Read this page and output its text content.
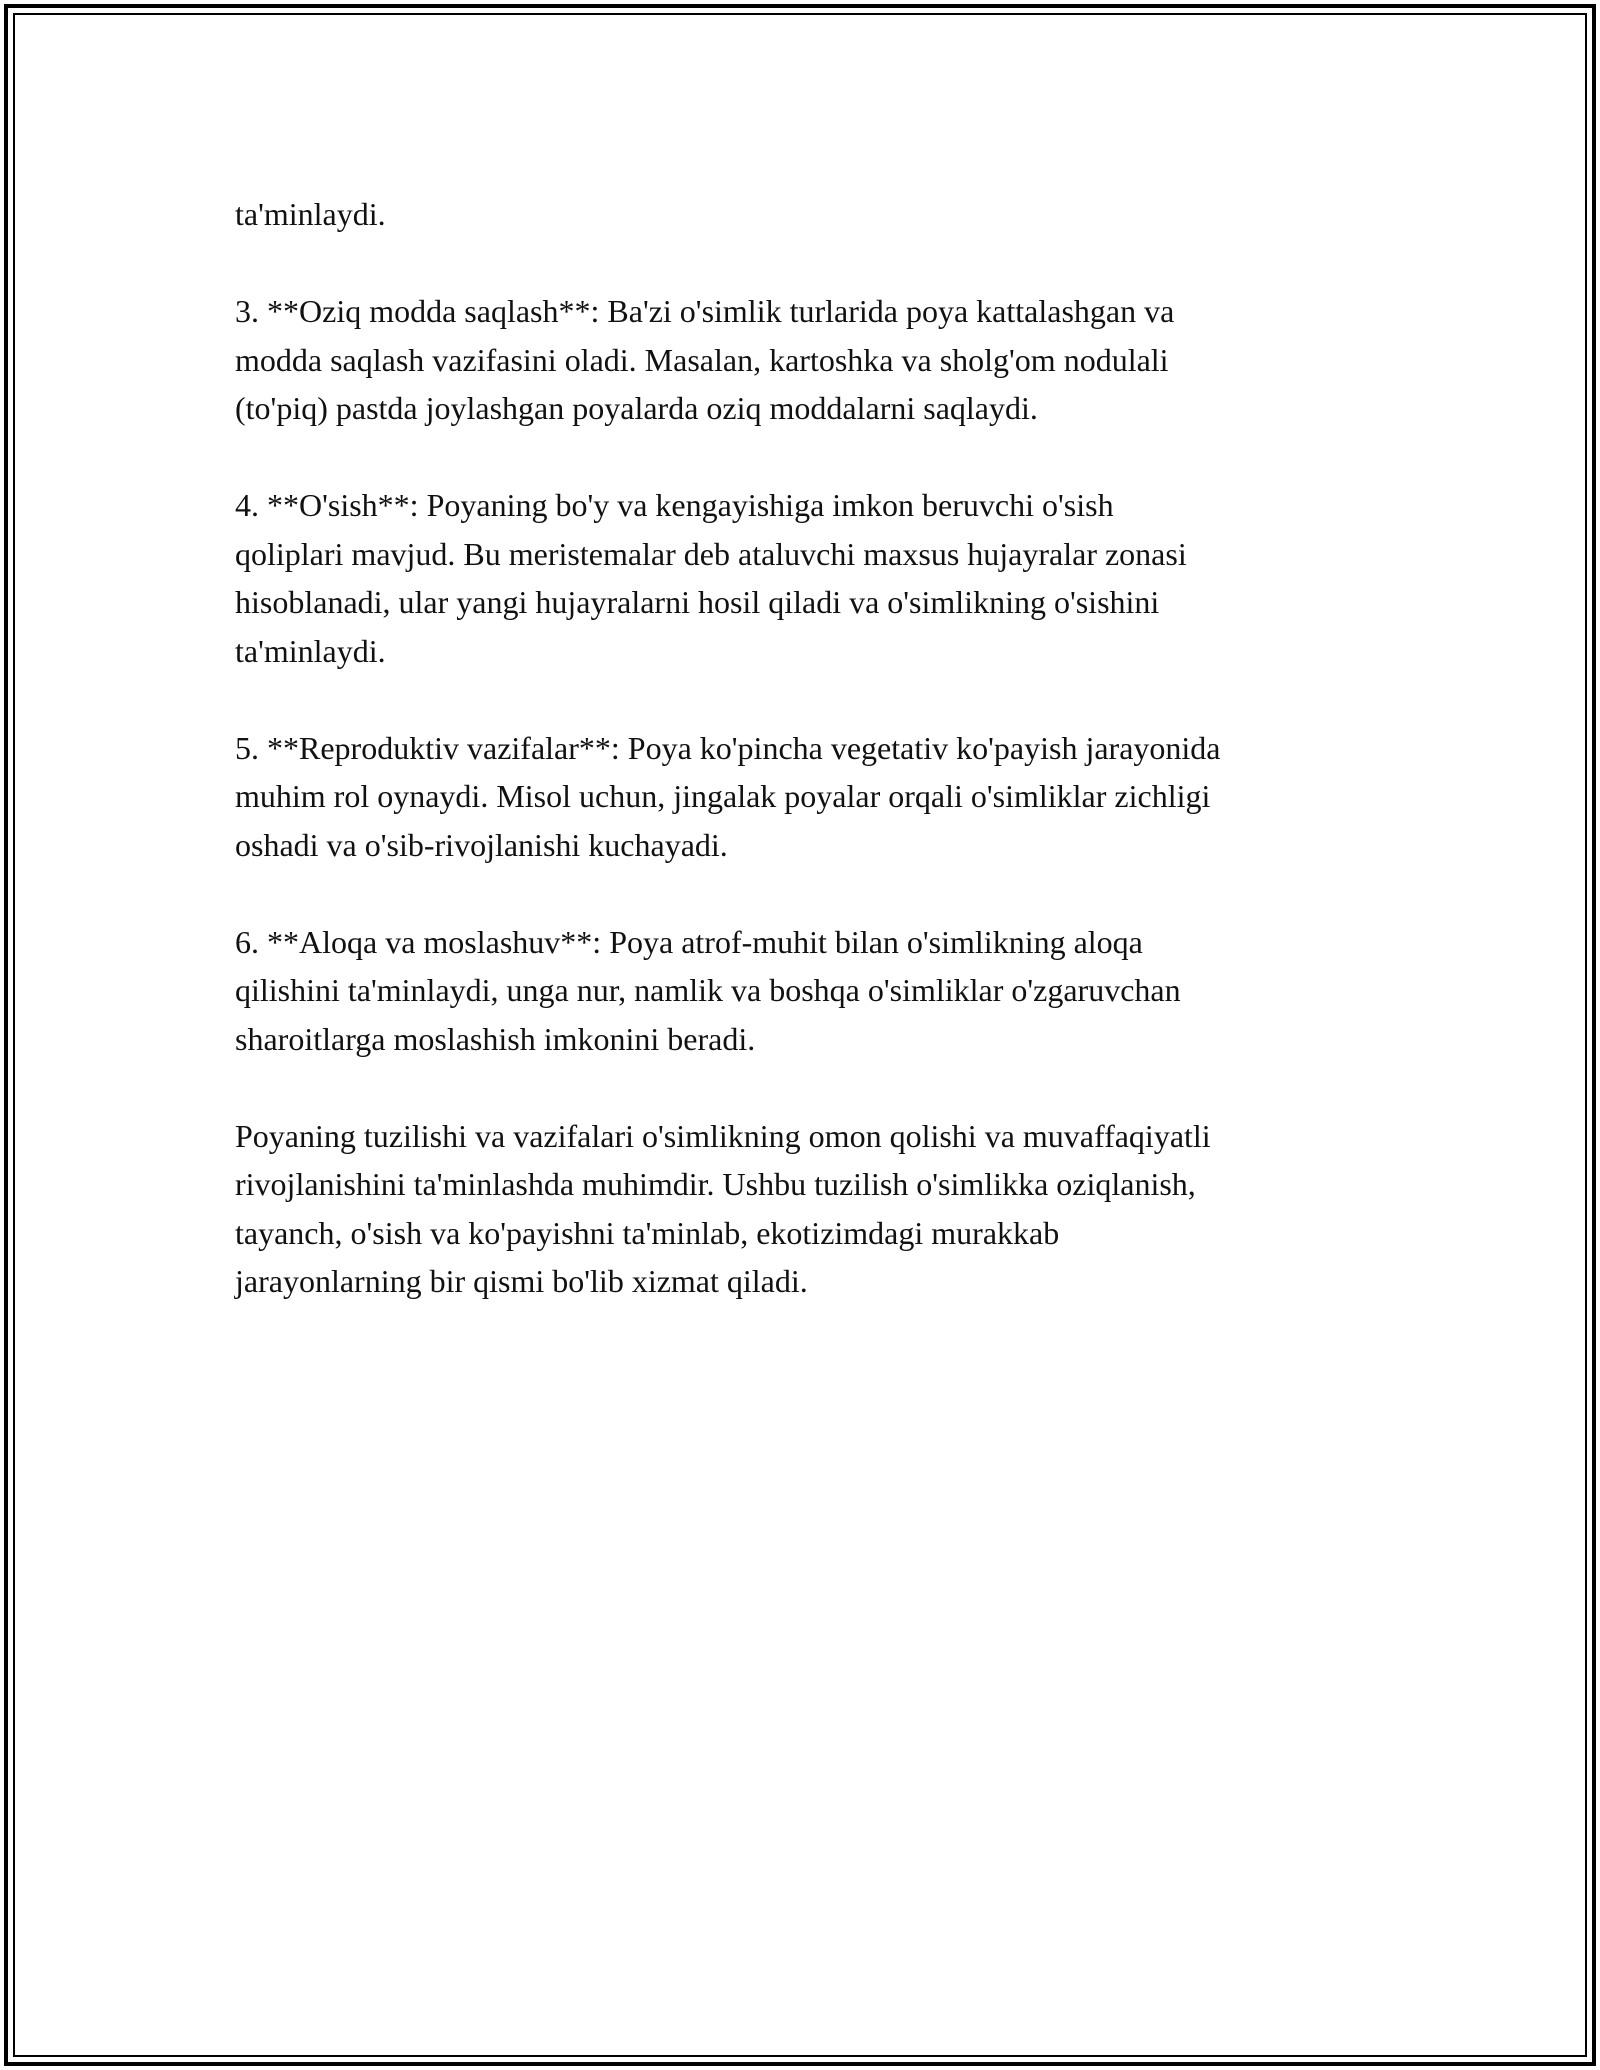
ta'minlaydi.

3. **Oziq modda saqlash**: Ba'zi o'simlik turlarida poya kattalashgan va
modda saqlash vazifasini oladi. Masalan, kartoshka va sholg'om nodulali
(to'piq) pastda joylashgan poyalarda oziq moddalarni saqlaydi.

4. **O'sish**: Poyaning bo'y va kengayishiga imkon beruvchi o'sish
qoliplari mavjud. Bu meristemalar deb ataluvchi maxsus hujayralar zonasi
hisoblanadi, ular yangi hujayralarni hosil qiladi va o'simlikning o'sishini
ta'minlaydi.

5. **Reproduktiv vazifalar**: Poya ko'pincha vegetativ ko'payish jarayonida
muhim rol oynaydi. Misol uchun, jingalak poyalar orqali o'simliklar zichligi
oshadi va o'sib-rivojlanishi kuchayadi.

6. **Aloqa va moslashuv**: Poya atrof-muhit bilan o'simlikning aloqa
qilishini ta'minlaydi, unga nur, namlik va boshqa o'simliklar o'zgaruvchan
sharoitlarga moslashish imkonini beradi.

Poyaning tuzilishi va vazifalari o'simlikning omon qolishi va muvaffaqiyatli
rivojlanishini ta'minlashda muhimdir. Ushbu tuzilish o'simlikka oziqlanish,
tayanch, o'sish va ko'payishni ta'minlab, ekotizimdagi murakkab
jarayonlarning bir qismi bo'lib xizmat qiladi.
